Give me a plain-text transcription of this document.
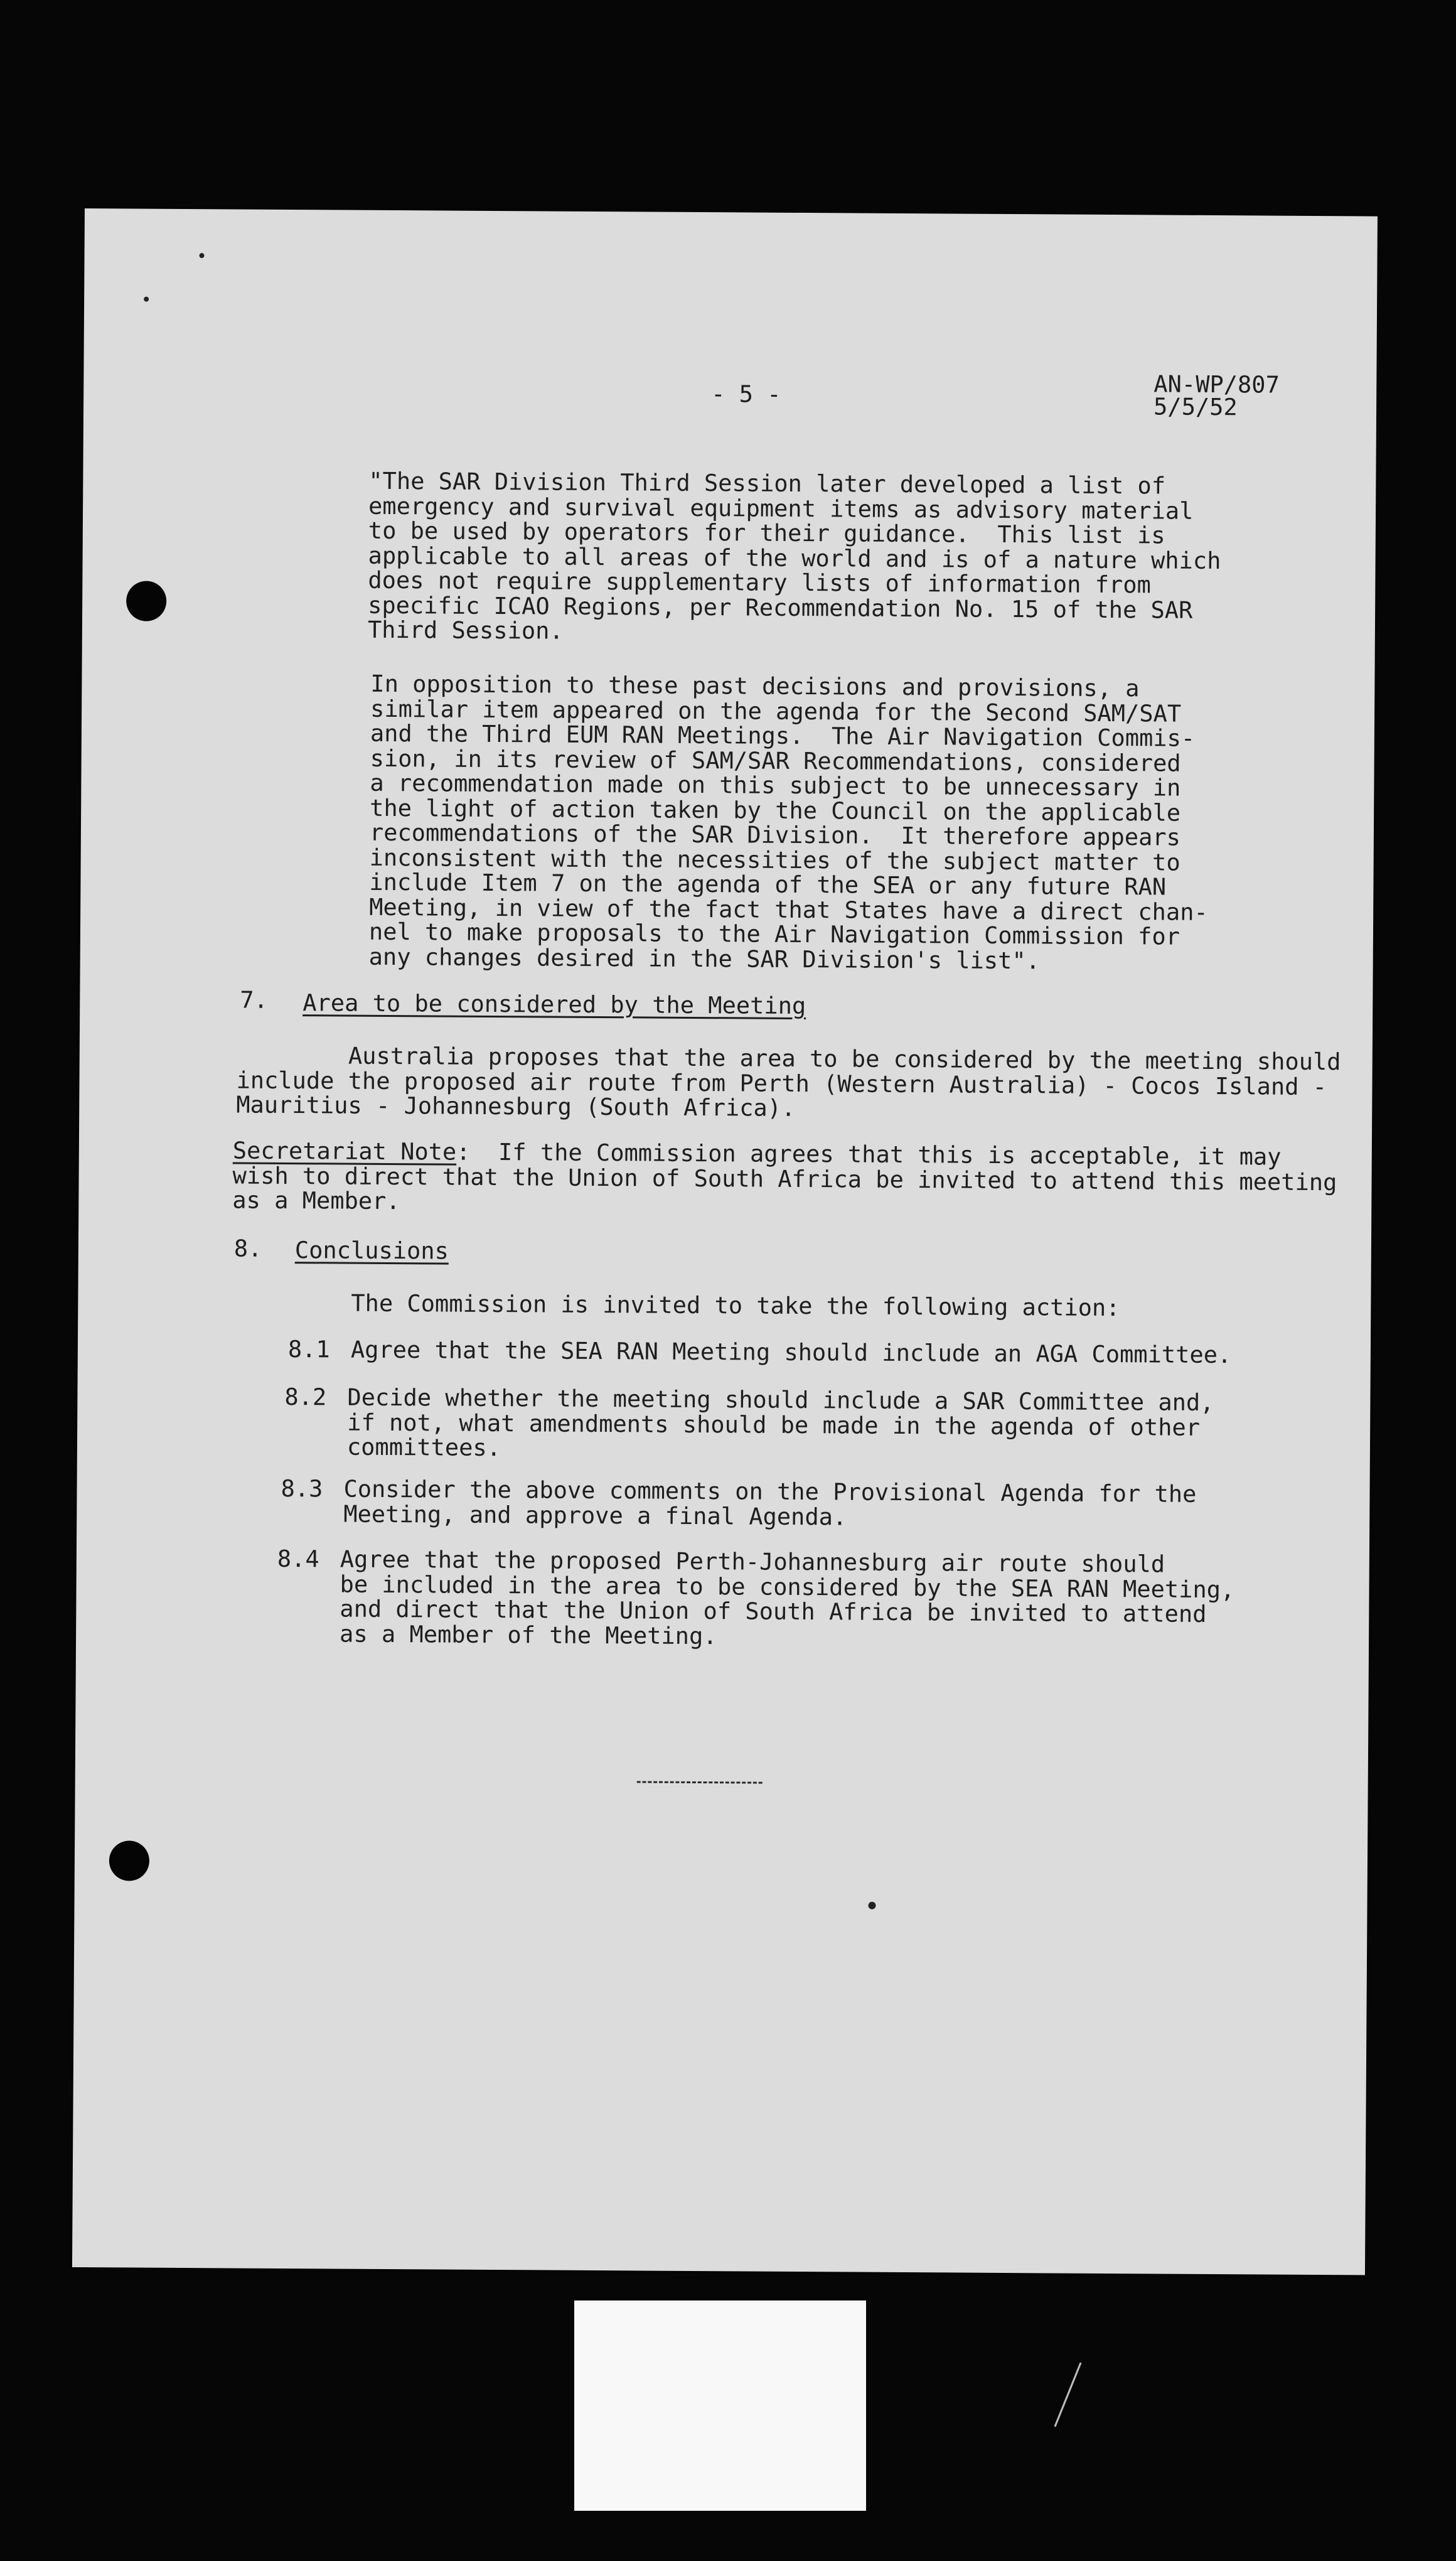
- 5 -	AN-WP/807

5/5/52

"The SAR Division Third Session later developed a list of
emergency and survival equipment items as advisory material
to be used by operators for their guidance.  This list is
applicable to all areas of the world and is of a nature which
does not require supplementary lists of information from
specific ICAO Regions, per Recommendation No. 15 of the SAR
Third Session.

In opposition to these past decisions and provisions, a
similar item appeared on the agenda for the Second SAM/SAT
and the Third EUM RAN Meetings.  The Air Navigation Commis-
sion, in its review of SAM/SAR Recommendations, considered
a recommendation made on this subject to be unnecessary in
the light of action taken by the Council on the applicable
recommendations of the SAR Division.  It therefore appears
inconsistent with the necessities of the subject matter to
include Item 7 on the agenda of the SEA or any future RAN
Meeting, in view of the fact that States have a direct chan-
nel to make proposals to the Air Navigation Commission for
any changes desired in the SAR Division's list".

7. Area to be considered by the Meeting

Australia proposes that the area to be considered by the meeting should
include the proposed air route from Perth (Western Australia) - Cocos Island -
Mauritius - Johannesburg (South Africa).

Secretariat Note:  If the Commission agrees that this is acceptable, it may
wish to direct that the Union of South Africa be invited to attend this meeting
as a Member.

8. Conclusions

The Commission is invited to take the following action:

8.1 Agree that the SEA RAN Meeting should include an AGA Committee.

8.2 Decide whether the meeting should include a SAR Committee and,
if not, what amendments should be made in the agenda of other
committees.

8.3 Consider the above comments on the Provisional Agenda for the
Meeting, and approve a final Agenda.

8.4 Agree that the proposed Perth-Johannesburg air route should
be included in the area to be considered by the SEA RAN Meeting,
and direct that the Union of South Africa be invited to attend
as a Member of the Meeting.
